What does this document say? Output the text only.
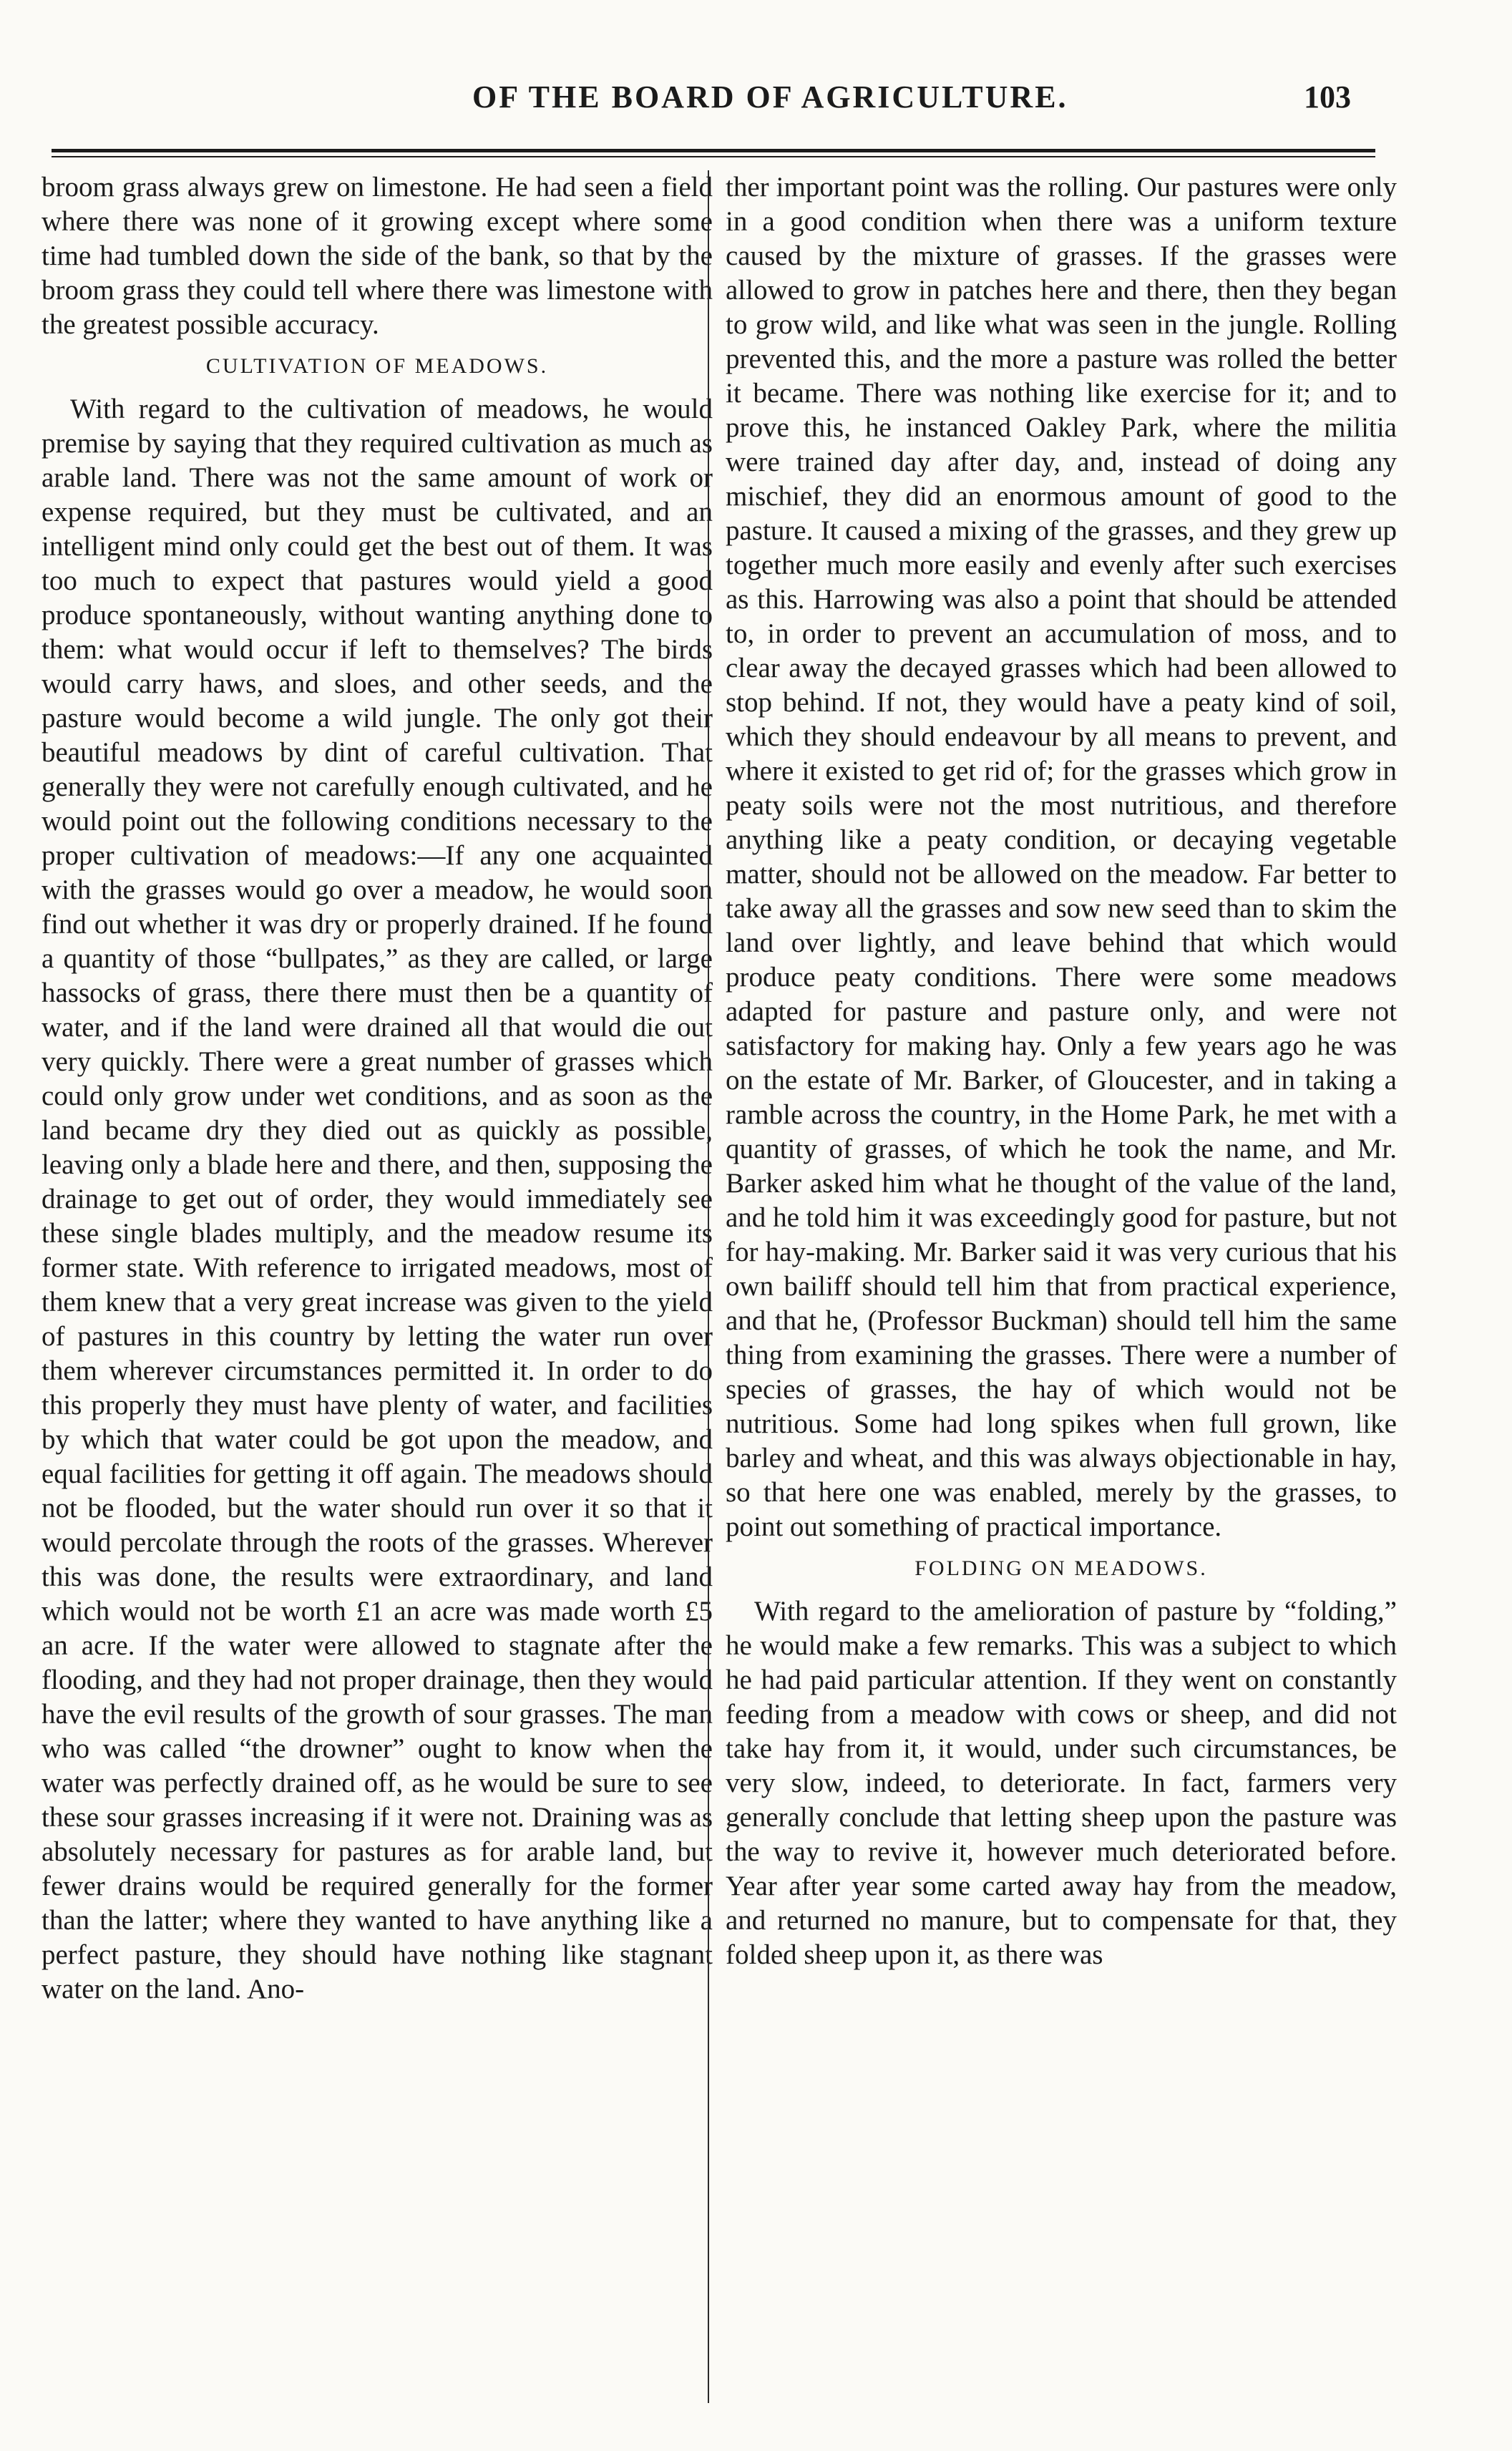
OF THE BOARD OF AGRICULTURE.	103

broom grass always grew on limestone. He had seen a field where there was none of it growing except where some time had tumbled down the side of the bank, so that by the broom grass they could tell where there was limestone with the greatest possible accuracy.

CULTIVATION OF MEADOWS.

With regard to the cultivation of meadows, he would premise by saying that they required cultivation as much as arable land. There was not the same amount of work or expense required, but they must be cultivated, and an intelligent mind only could get the best out of them. It was too much to expect that pastures would yield a good produce spontaneously, without wanting anything done to them: what would occur if left to themselves? The birds would carry haws, and sloes, and other seeds, and the pasture would become a wild jungle. The only got their beautiful meadows by dint of careful cultivation. That generally they were not carefully enough cultivated, and he would point out the following conditions necessary to the proper cultivation of meadows:—If any one acquainted with the grasses would go over a meadow, he would soon find out whether it was dry or properly drained. If he found a quantity of those “bullpates,” as they are called, or large hassocks of grass, there there must then be a quantity of water, and if the land were drained all that would die out very quickly. There were a great number of grasses which could only grow under wet conditions, and as soon as the land became dry they died out as quickly as possible, leaving only a blade here and there, and then, supposing the drainage to get out of order, they would immediately see these single blades multiply, and the meadow resume its former state. With reference to irrigated meadows, most of them knew that a very great increase was given to the yield of pastures in this country by letting the water run over them wherever circumstances permitted it. In order to do this properly they must have plenty of water, and facilities by which that water could be got upon the meadow, and equal facilities for getting it off again. The meadows should not be flooded, but the water should run over it so that it would percolate through the roots of the grasses. Wherever this was done, the results were extraordinary, and land which would not be worth £1 an acre was made worth £5 an acre. If the water were allowed to stagnate after the flooding, and they had not proper drainage, then they would have the evil results of the growth of sour grasses. The man who was called “the drowner” ought to know when the water was perfectly drained off, as he would be sure to see these sour grasses increasing if it were not. Draining was as absolutely necessary for pastures as for arable land, but fewer drains would be required generally for the former than the latter; where they wanted to have anything like a perfect pasture, they should have nothing like stagnant water on the land. Ano-

ther important point was the rolling. Our pastures were only in a good condition when there was a uniform texture caused by the mixture of grasses. If the grasses were allowed to grow in patches here and there, then they began to grow wild, and like what was seen in the jungle. Rolling prevented this, and the more a pasture was rolled the better it became. There was nothing like exercise for it; and to prove this, he instanced Oakley Park, where the militia were trained day after day, and, instead of doing any mischief, they did an enormous amount of good to the pasture. It caused a mixing of the grasses, and they grew up together much more easily and evenly after such exercises as this. Harrowing was also a point that should be attended to, in order to prevent an accumulation of moss, and to clear away the decayed grasses which had been allowed to stop behind. If not, they would have a peaty kind of soil, which they should endeavour by all means to prevent, and where it existed to get rid of; for the grasses which grow in peaty soils were not the most nutritious, and therefore anything like a peaty condition, or decaying vegetable matter, should not be allowed on the meadow. Far better to take away all the grasses and sow new seed than to skim the land over lightly, and leave behind that which would produce peaty conditions. There were some meadows adapted for pasture and pasture only, and were not satisfactory for making hay. Only a few years ago he was on the estate of Mr. Barker, of Gloucester, and in taking a ramble across the country, in the Home Park, he met with a quantity of grasses, of which he took the name, and Mr. Barker asked him what he thought of the value of the land, and he told him it was exceedingly good for pasture, but not for hay-making. Mr. Barker said it was very curious that his own bailiff should tell him that from practical experience, and that he, (Professor Buckman) should tell him the same thing from examining the grasses. There were a number of species of grasses, the hay of which would not be nutritious. Some had long spikes when full grown, like barley and wheat, and this was always objectionable in hay, so that here one was enabled, merely by the grasses, to point out something of practical importance.

FOLDING ON MEADOWS.

With regard to the amelioration of pasture by “folding,” he would make a few remarks. This was a subject to which he had paid particular attention. If they went on constantly feeding from a meadow with cows or sheep, and did not take hay from it, it would, under such circumstances, be very slow, indeed, to deteriorate. In fact, farmers very generally conclude that letting sheep upon the pasture was the way to revive it, however much deteriorated before. Year after year some carted away hay from the meadow, and returned no manure, but to compensate for that, they folded sheep upon it, as there was
